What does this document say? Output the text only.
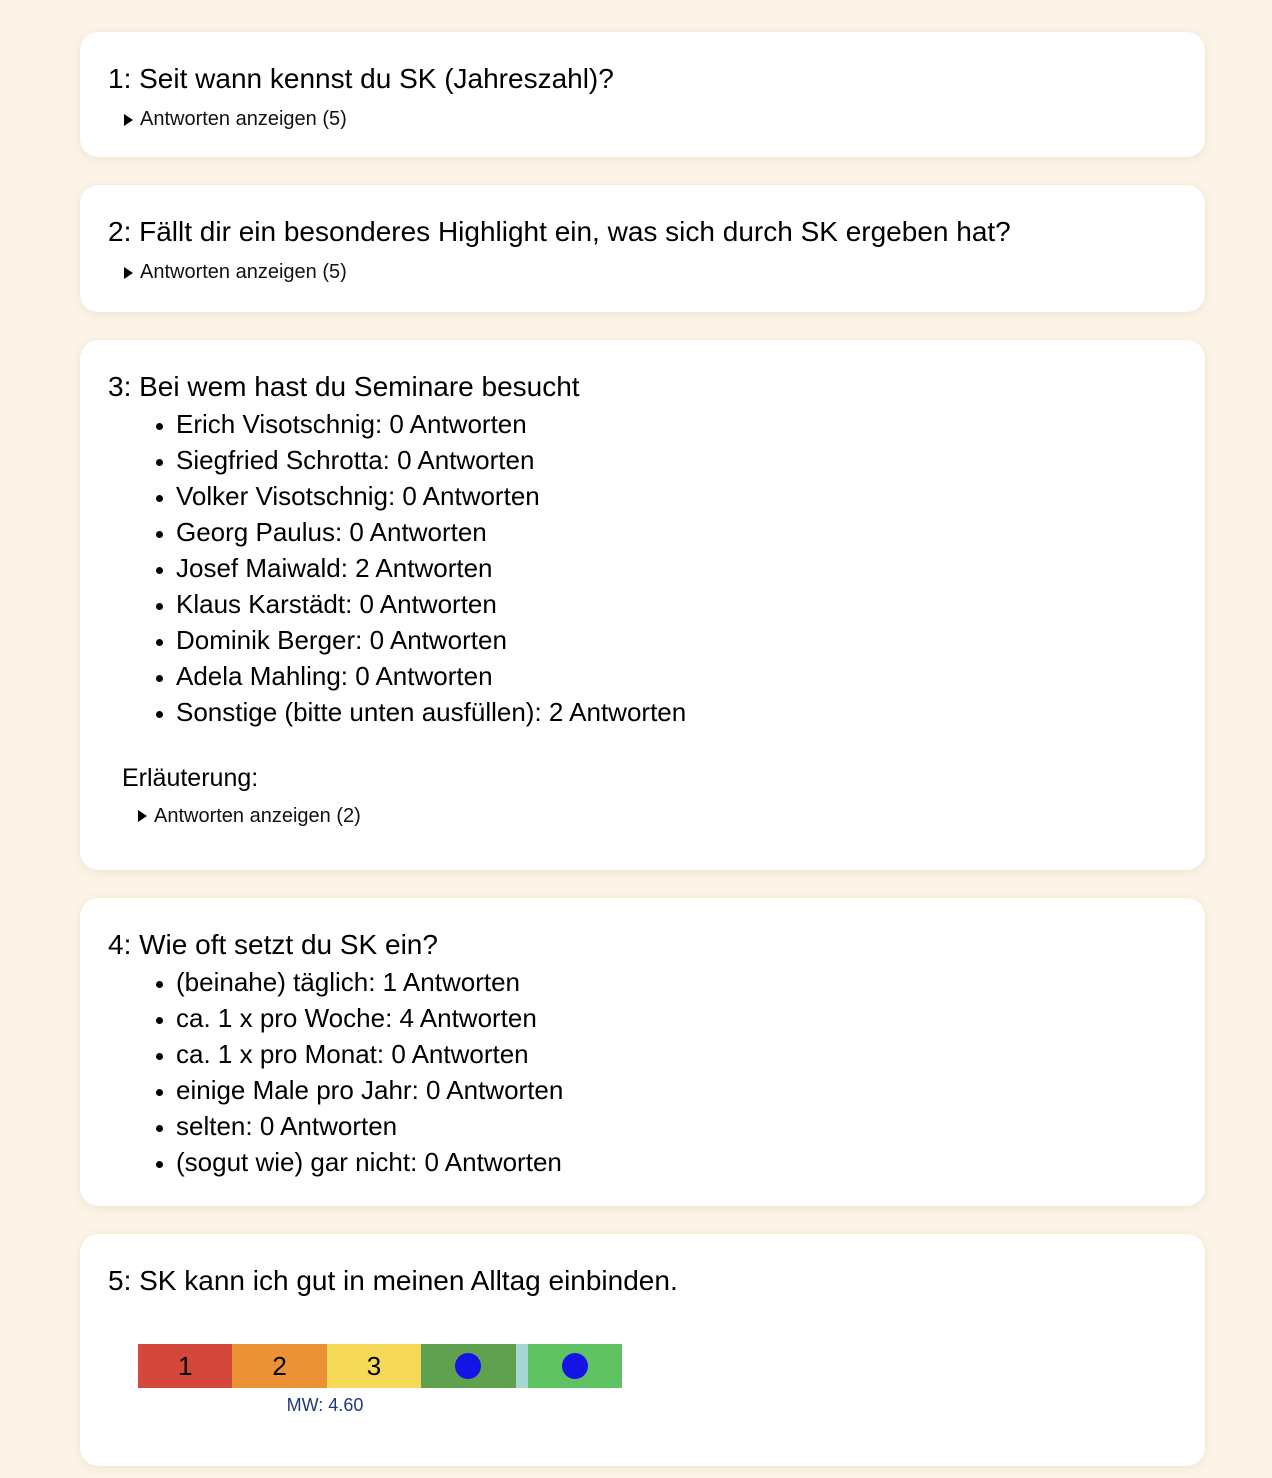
1: Seit wann kennst du SK (Jahreszahl)?
Antworten anzeigen (5)
2: Fällt dir ein besonderes Highlight ein, was sich durch SK ergeben hat?
Antworten anzeigen (5)
3: Bei wem hast du Seminare besucht
• Erich Visotschnig: 0 Antworten
• Siegfried Schrotta: 0 Antworten
• Volker Visotschnig: 0 Antworten
• Georg Paulus: 0 Antworten
• Josef Maiwald: 2 Antworten
• Klaus Karstädt: 0 Antworten
• Dominik Berger: 0 Antworten
• Adela Mahling: 0 Antworten
• Sonstige (bitte unten ausfüllen): 2 Antworten
Erläuterung:
Antworten anzeigen (2)
4: Wie oft setzt du SK ein?
• (beinahe) täglich: 1 Antworten
• ca. 1 x pro Woche: 4 Antworten
• ca. 1 x pro Monat: 0 Antworten
• einige Male pro Jahr: 0 Antworten
• selten: 0 Antworten
• (sogut wie) gar nicht: 0 Antworten
5: SK kann ich gut in meinen Alltag einbinden.
1	2	3
MW: 4.60
